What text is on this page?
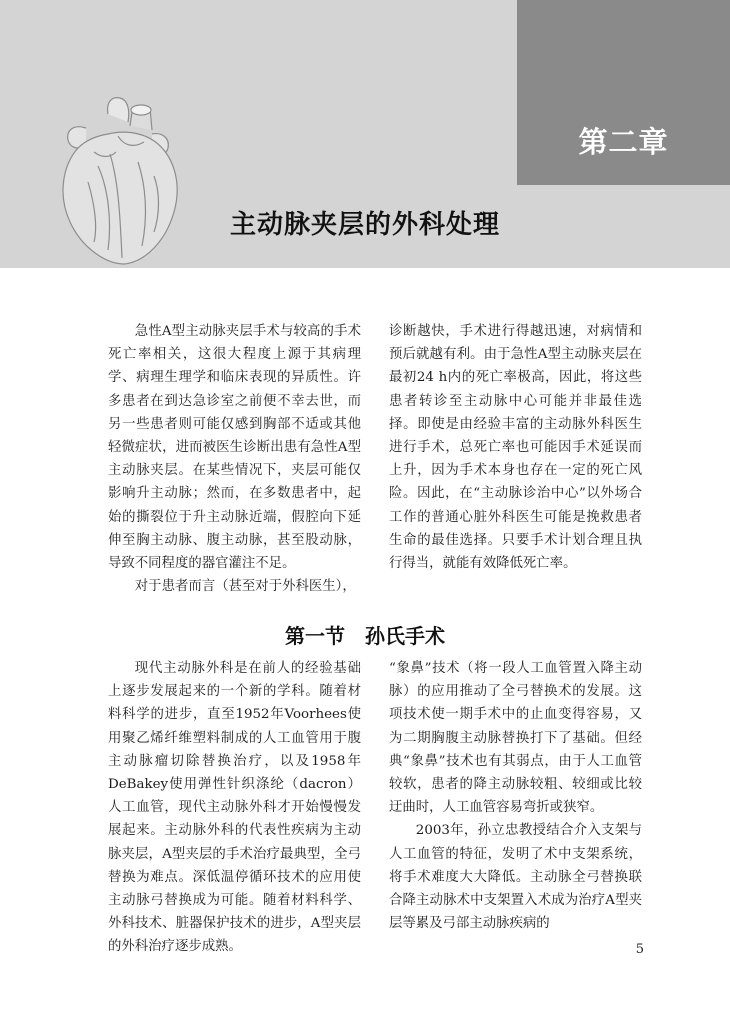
第二章
主动脉夹层的外科处理

急性A型主动脉夹层手术与较高的手术死亡率相关，这很大程度上源于其病理学、病理生理学和临床表现的异质性。许多患者在到达急诊室之前便不幸去世，而另一些患者则可能仅感到胸部不适或其他轻微症状，进而被医生诊断出患有急性A型主动脉夹层。在某些情况下，夹层可能仅影响升主动脉；然而，在多数患者中，起始的撕裂位于升主动脉近端，假腔向下延伸至胸主动脉、腹主动脉，甚至股动脉，导致不同程度的器官灌注不足。

对于患者而言（甚至对于外科医生），

诊断越快，手术进行得越迅速，对病情和预后就越有利。由于急性A型主动脉夹层在最初24 h内的死亡率极高，因此，将这些患者转诊至主动脉中心可能并非最佳选择。即使是由经验丰富的主动脉外科医生进行手术，总死亡率也可能因手术延误而上升，因为手术本身也存在一定的死亡风险。因此，在“主动脉诊治中心”以外场合工作的普通心脏外科医生可能是挽救患者生命的最佳选择。只要手术计划合理且执行得当，就能有效降低死亡率。

第一节　孙氏手术

现代主动脉外科是在前人的经验基础上逐步发展起来的一个新的学科。随着材料科学的进步，直至1952年Voorhees使用聚乙烯纤维塑料制成的人工血管用于腹主动脉瘤切除替换治疗，以及1958年DeBakey使用弹性针织涤纶（dacron）人工血管，现代主动脉外科才开始慢慢发展起来。主动脉外科的代表性疾病为主动脉夹层，A型夹层的手术治疗最典型，全弓替换为难点。深低温停循环技术的应用使主动脉弓替换成为可能。随着材料科学、外科技术、脏器保护技术的进步，A型夹层的外科治疗逐步成熟。

“象鼻”技术（将一段人工血管置入降主动脉）的应用推动了全弓替换术的发展。这项技术使一期手术中的止血变得容易，又为二期胸腹主动脉替换打下了基础。但经典“象鼻”技术也有其弱点，由于人工血管较软，患者的降主动脉较粗、较细或比较迂曲时，人工血管容易弯折或狭窄。

2003年，孙立忠教授结合介入支架与人工血管的特征，发明了术中支架系统，将手术难度大大降低。主动脉全弓替换联合降主动脉术中支架置入术成为治疗A型夹层等累及弓部主动脉疾病的

5
